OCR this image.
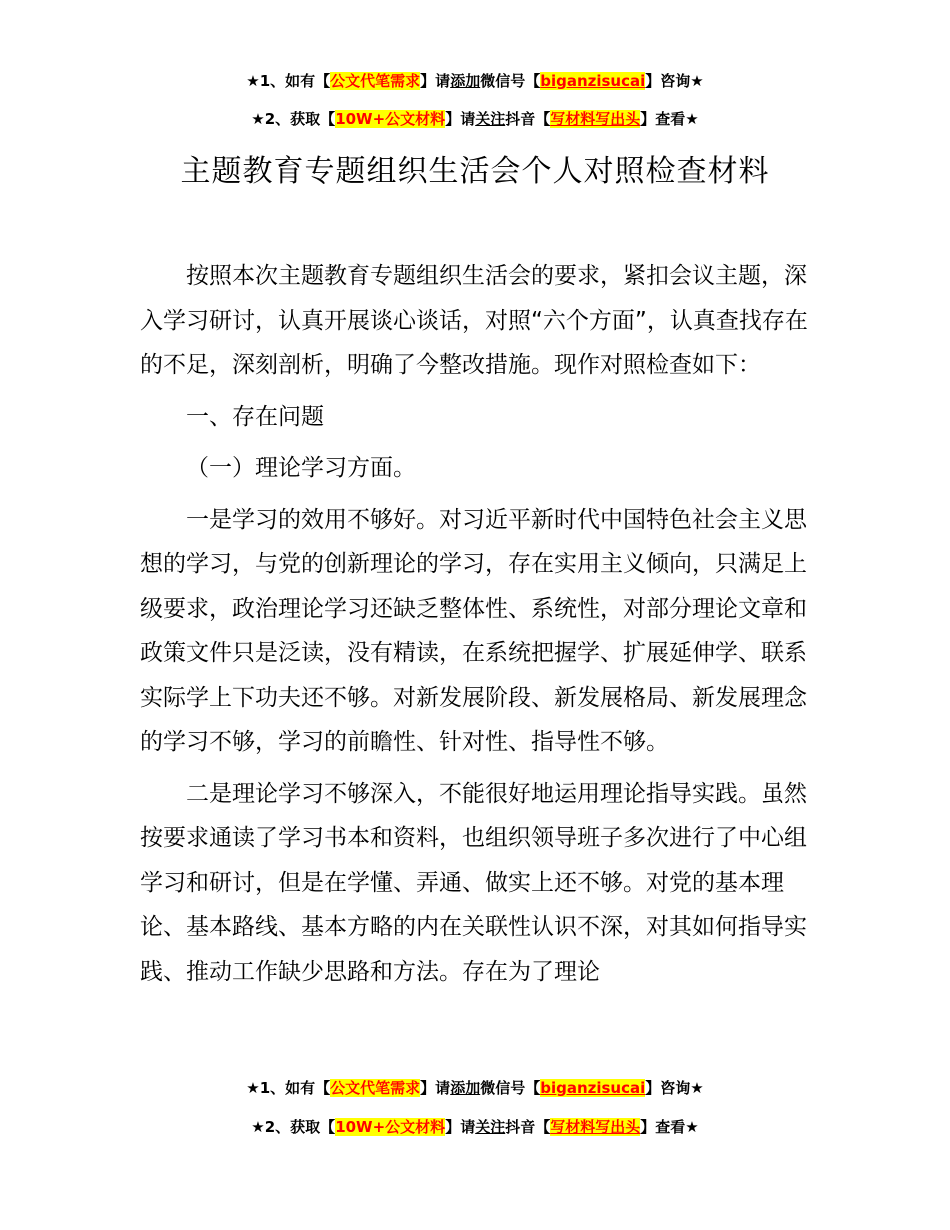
★1、如有【公文代笔需求】请添加微信号【biganzisucai】咨询★
★2、获取【10W+公文材料】请关注抖音【写材料写出头】查看★
主题教育专题组织生活会个人对照检查材料

按照本次主题教育专题组织生活会的要求，紧扣会议主题，深入学习研讨，认真开展谈心谈话，对照“六个方面”，认真查找存在的不足，深刻剖析，明确了今整改措施。现作对照检查如下：

一、存在问题

（一）理论学习方面。

一是学习的效用不够好。对习近平新时代中国特色社会主义思想的学习，与党的创新理论的学习，存在实用主义倾向，只满足上级要求，政治理论学习还缺乏整体性、系统性，对部分理论文章和政策文件只是泛读，没有精读，在系统把握学、扩展延伸学、联系实际学上下功夫还不够。对新发展阶段、新发展格局、新发展理念的学习不够，学习的前瞻性、针对性、指导性不够。

二是理论学习不够深入，不能很好地运用理论指导实践。虽然按要求通读了学习书本和资料，也组织领导班子多次进行了中心组学习和研讨，但是在学懂、弄通、做实上还不够。对党的基本理论、基本路线、基本方略的内在关联性认识不深，对其如何指导实践、推动工作缺少思路和方法。存在为了理论

★1、如有【公文代笔需求】请添加微信号【biganzisucai】咨询★
★2、获取【10W+公文材料】请关注抖音【写材料写出头】查看★
